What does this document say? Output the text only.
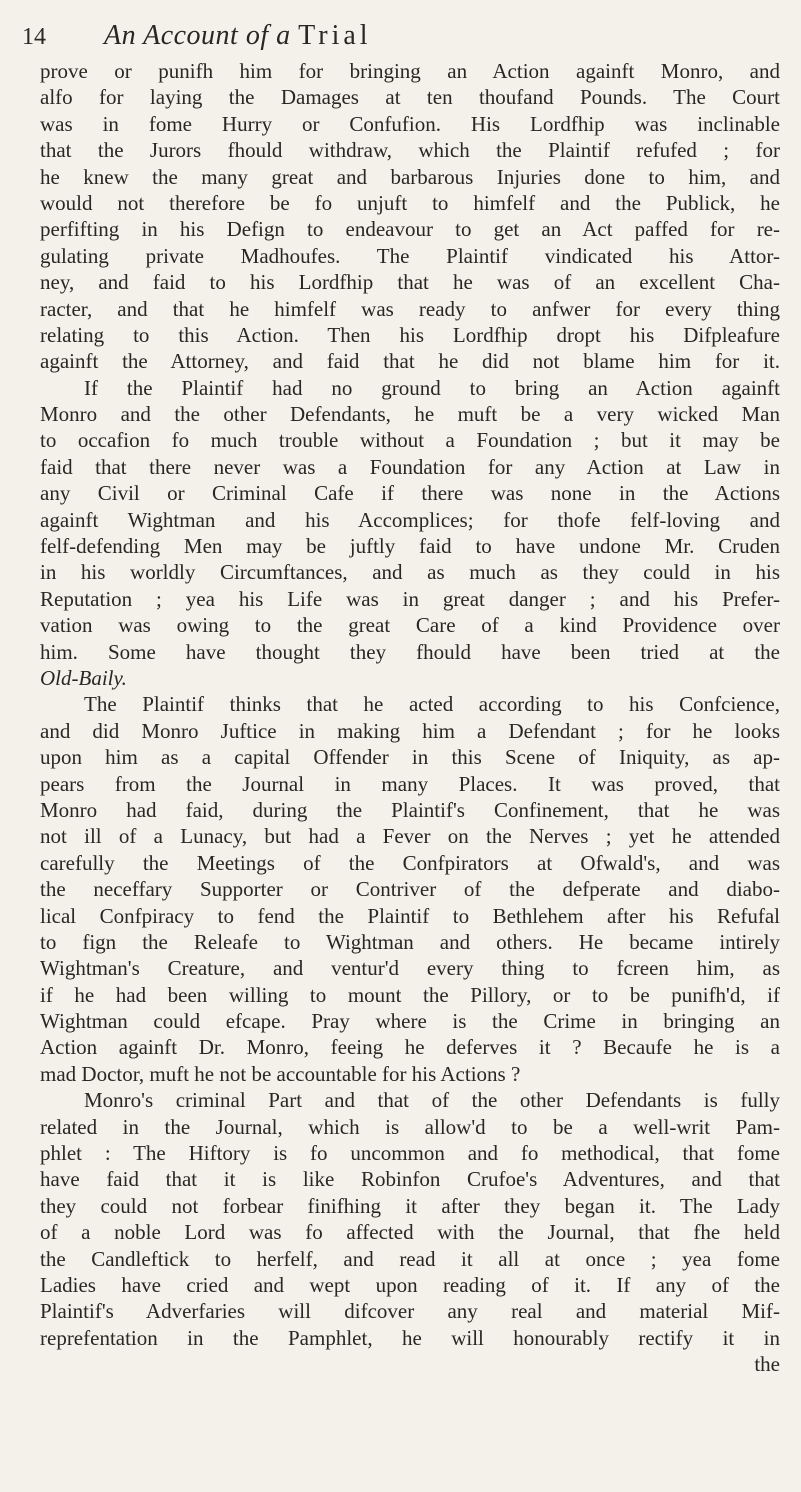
14 An Account of a Trial
prove or punifh him for bringing an Action againft Monro, and
alfo for laying the Damages at ten thoufand Pounds. The Court
was in fome Hurry or Confufion. His Lordfhip was inclinable
that the Jurors fhould withdraw, which the Plaintif refufed ; for
he knew the many great and barbarous Injuries done to him, and
would not therefore be fo unjuft to himfelf and the Publick, he
perfifting in his Defign to endeavour to get an Act paffed for re-
gulating private Madhoufes. The Plaintif vindicated his Attor-
ney, and faid to his Lordfhip that he was of an excellent Cha-
racter, and that he himfelf was ready to anfwer for every thing
relating to this Action. Then his Lordfhip dropt his Difpleafure
againft the Attorney, and faid that he did not blame him for it.
If the Plaintif had no ground to bring an Action againft
Monro and the other Defendants, he muft be a very wicked Man
to occafion fo much trouble without a Foundation ; but it may be
faid that there never was a Foundation for any Action at Law in
any Civil or Criminal Cafe if there was none in the Actions
againft Wightman and his Accomplices; for thofe felf-loving and
felf-defending Men may be juftly faid to have undone Mr. Cruden
in his worldly Circumftances, and as much as they could in his
Reputation ; yea his Life was in great danger ; and his Prefer-
vation was owing to the great Care of a kind Providence over
him. Some have thought they fhould have been tried at the
Old-Baily.
The Plaintif thinks that he acted according to his Confcience,
and did Monro Juftice in making him a Defendant ; for he looks
upon him as a capital Offender in this Scene of Iniquity, as ap-
pears from the Journal in many Places. It was proved, that
Monro had faid, during the Plaintif's Confinement, that he was
not ill of a Lunacy, but had a Fever on the Nerves ; yet he attended
carefully the Meetings of the Confpirators at Ofwald's, and was
the neceffary Supporter or Contriver of the defperate and diabo-
lical Confpiracy to fend the Plaintif to Bethlehem after his Refufal
to fign the Releafe to Wightman and others. He became intirely
Wightman's Creature, and ventur'd every thing to fcreen him, as
if he had been willing to mount the Pillory, or to be punifh'd, if
Wightman could efcape. Pray where is the Crime in bringing an
Action againft Dr. Monro, feeing he deferves it ? Becaufe he is a
mad Doctor, muft he not be accountable for his Actions ?
Monro's criminal Part and that of the other Defendants is fully
related in the Journal, which is allow'd to be a well-writ Pam-
phlet : The Hiftory is fo uncommon and fo methodical, that fome
have faid that it is like Robinfon Crufoe's Adventures, and that
they could not forbear finifhing it after they began it. The Lady
of a noble Lord was fo affected with the Journal, that fhe held
the Candleftick to herfelf, and read it all at once ; yea fome
Ladies have cried and wept upon reading of it. If any of the
Plaintif's Adverfaries will difcover any real and material Mif-
reprefentation in the Pamphlet, he will honourably rectify it in
the
